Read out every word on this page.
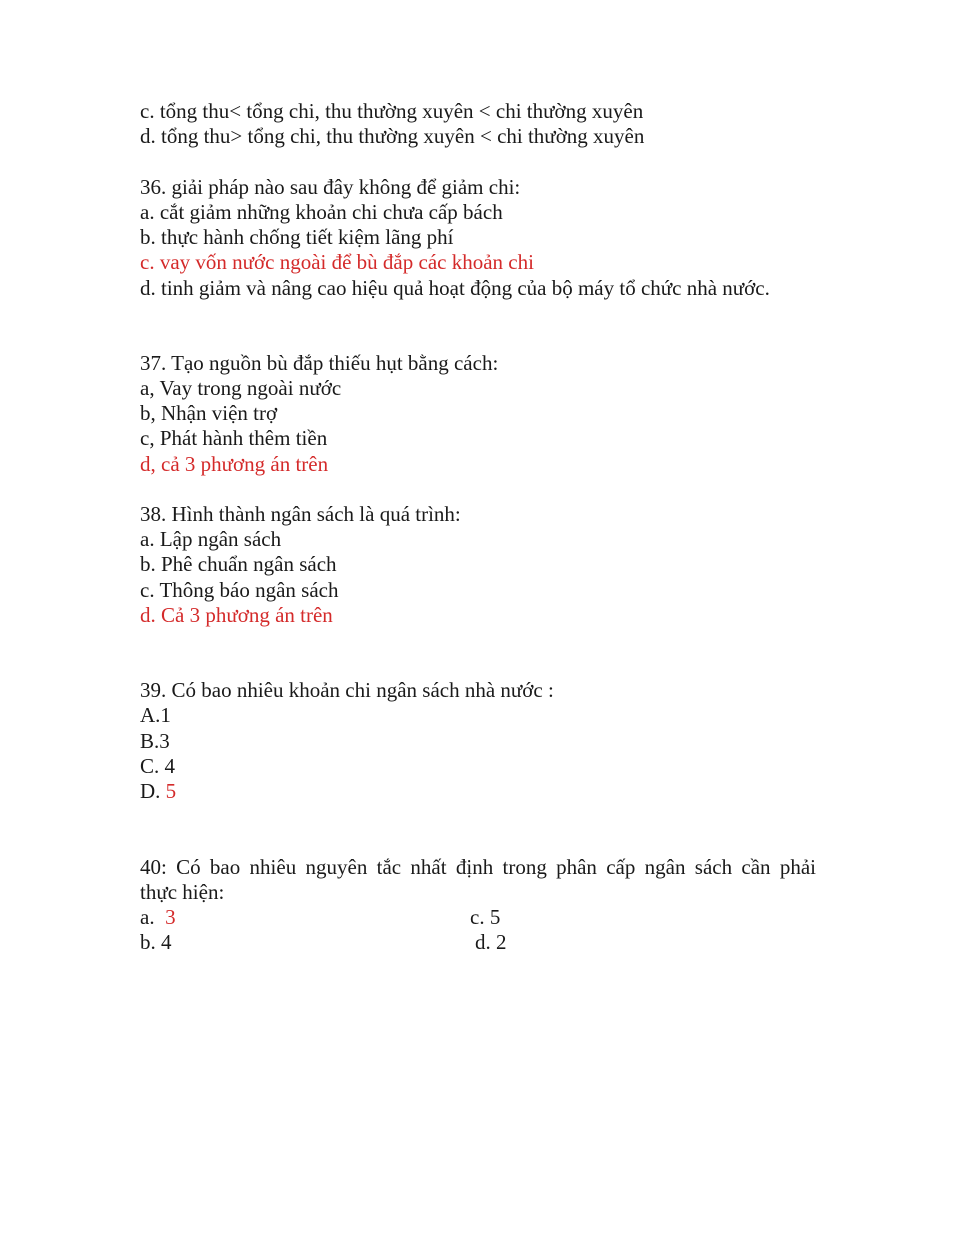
c. tổng thu< tổng chi, thu thường xuyên < chi thường xuyên
d. tổng thu> tổng chi, thu thường xuyên < chi thường xuyên
36. giải pháp nào sau đây không để giảm chi:
a. cắt giảm những khoản chi chưa cấp bách
b. thực hành chống tiết kiệm lãng phí
c. vay vốn nước ngoài để bù đắp các khoản chi
d. tinh giảm và nâng cao hiệu quả hoạt động của bộ máy tổ chức nhà nước.
37. Tạo nguồn bù đắp thiếu hụt bằng cách:
a, Vay trong ngoài nước
b, Nhận viện trợ
c, Phát hành thêm tiền
d, cả 3 phương án trên
38. Hình thành ngân sách là quá trình:
a. Lập ngân sách
b. Phê chuẩn ngân sách
c. Thông báo ngân sách
d. Cả 3 phương án trên
39. Có bao nhiêu khoản chi ngân sách nhà nước :
A.1
B.3
C. 4
D. 5
40: Có bao nhiêu nguyên tắc nhất định trong phân cấp ngân sách cần phải
thực hiện:
a. 3
b. 4
c. 5
d. 2
